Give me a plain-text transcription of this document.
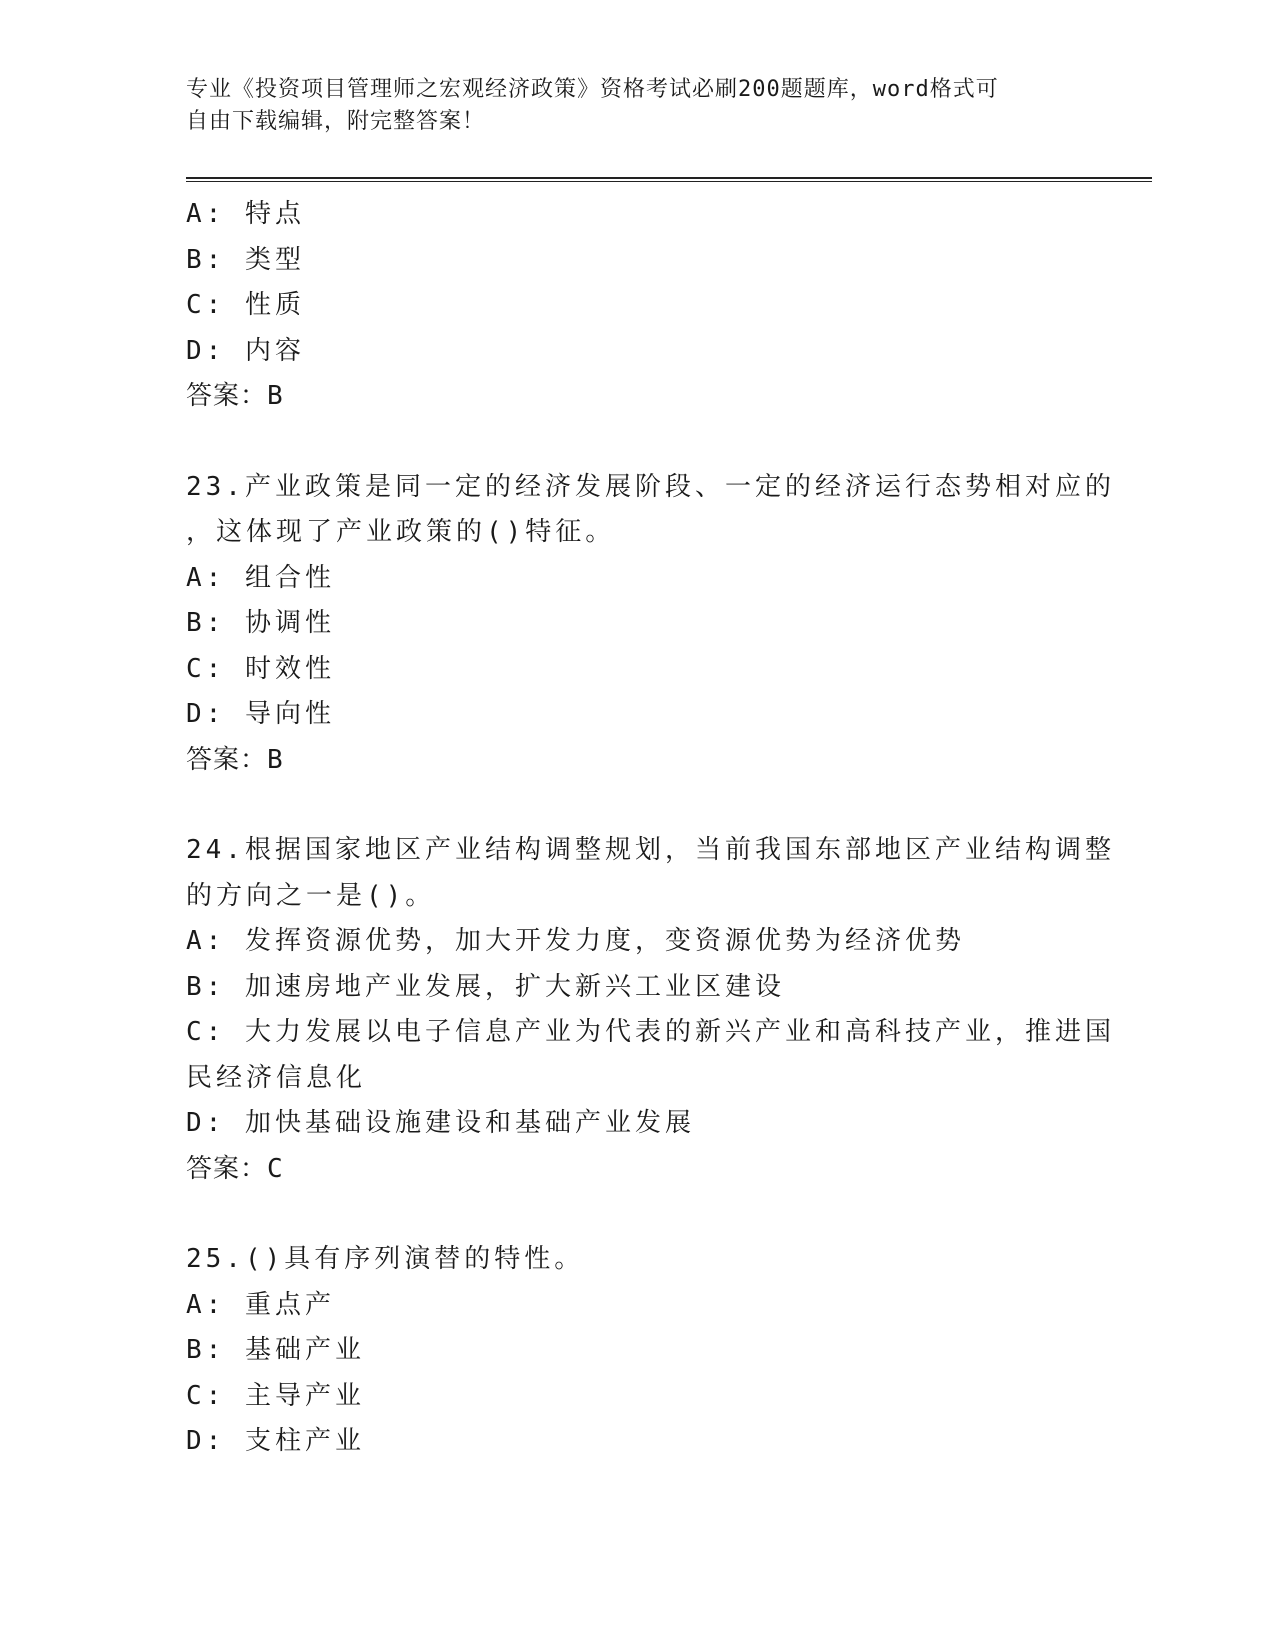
专业《投资项目管理师之宏观经济政策》资格考试必刷200题题库，word格式可
自由下载编辑，附完整答案！
A: 特点
B: 类型
C: 性质
D: 内容
答案：B
23.产业政策是同一定的经济发展阶段、一定的经济运行态势相对应的
，这体现了产业政策的()特征。
A: 组合性
B: 协调性
C: 时效性
D: 导向性
答案：B
24.根据国家地区产业结构调整规划，当前我国东部地区产业结构调整
的方向之一是()。
A: 发挥资源优势，加大开发力度，变资源优势为经济优势
B: 加速房地产业发展，扩大新兴工业区建设
C: 大力发展以电子信息产业为代表的新兴产业和高科技产业，推进国
民经济信息化
D: 加快基础设施建设和基础产业发展
答案：C
25.()具有序列演替的特性。
A: 重点产
B: 基础产业
C: 主导产业
D: 支柱产业
